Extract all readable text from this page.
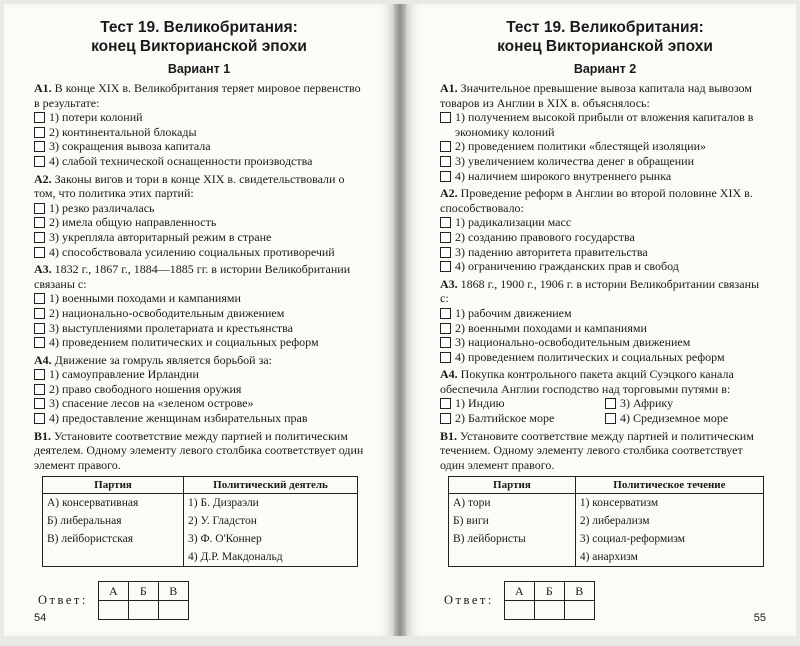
Тест 19. Великобритания:
конец Викторианской эпохи
Вариант 1
А1. В конце XIX в. Великобритания теряет мировое первенство в результате:
1) потери колоний
2) континентальной блокады
3) сокращения вывоза капитала
4) слабой технической оснащенности производства
А2. Законы вигов и тори в конце XIX в. свидетельствовали о том, что политика этих партий:
1) резко различалась
2) имела общую направленность
3) укрепляла авторитарный режим в стране
4) способствовала усилению социальных противоречий
А3. 1832 г., 1867 г., 1884—1885 гг. в истории Великобритании связаны с:
1) военными походами и кампаниями
2) национально-освободительным движением
3) выступлениями пролетариата и крестьянства
4) проведением политических и социальных реформ
А4. Движение за гомруль является борьбой за:
1) самоуправление Ирландии
2) право свободного ношения оружия
3) спасение лесов на «зеленом острове»
4) предоставление женщинам избирательных прав
В1. Установите соответствие между партией и политическим деятелем. Одному элементу левого столбика соответствует один элемент правого.
Партия	Политический деятель
А) консервативная	1) Б. Дизраэли
Б) либеральная	2) У. Гладстон
В) лейбористская	3) Ф. О'Коннер
	4) Д.Р. Макдональд
Ответ:
А	Б	В

54
Тест 19. Великобритания:
конец Викторианской эпохи
Вариант 2
А1. Значительное превышение вывоза капитала над вывозом товаров из Англии в XIX в. объяснялось:
1) получением высокой прибыли от вложения капиталов в экономику колоний
2) проведением политики «блестящей изоляции»
3) увеличением количества денег в обращении
4) наличием широкого внутреннего рынка
А2. Проведение реформ в Англии во второй половине XIX в. способствовало:
1) радикализации масс
2) созданию правового государства
3) падению авторитета правительства
4) ограничению гражданских прав и свобод
А3. 1868 г., 1900 г., 1906 г. в истории Великобритании связаны с:
1) рабочим движением
2) военными походами и кампаниями
3) национально-освободительным движением
4) проведением политических и социальных реформ
А4. Покупка контрольного пакета акций Суэцкого канала обеспечила Англии господство над торговыми путями в:
1) Индию	3) Африку
2) Балтийское море	4) Средиземное море
В1. Установите соответствие между партией и политическим течением. Одному элементу левого столбика соответствует один элемент правого.
Партия	Политическое течение
А) тори	1) консерватизм
Б) виги	2) либерализм
В) лейбористы	3) социал-реформизм
	4) анархизм
Ответ:
А	Б	В

55
